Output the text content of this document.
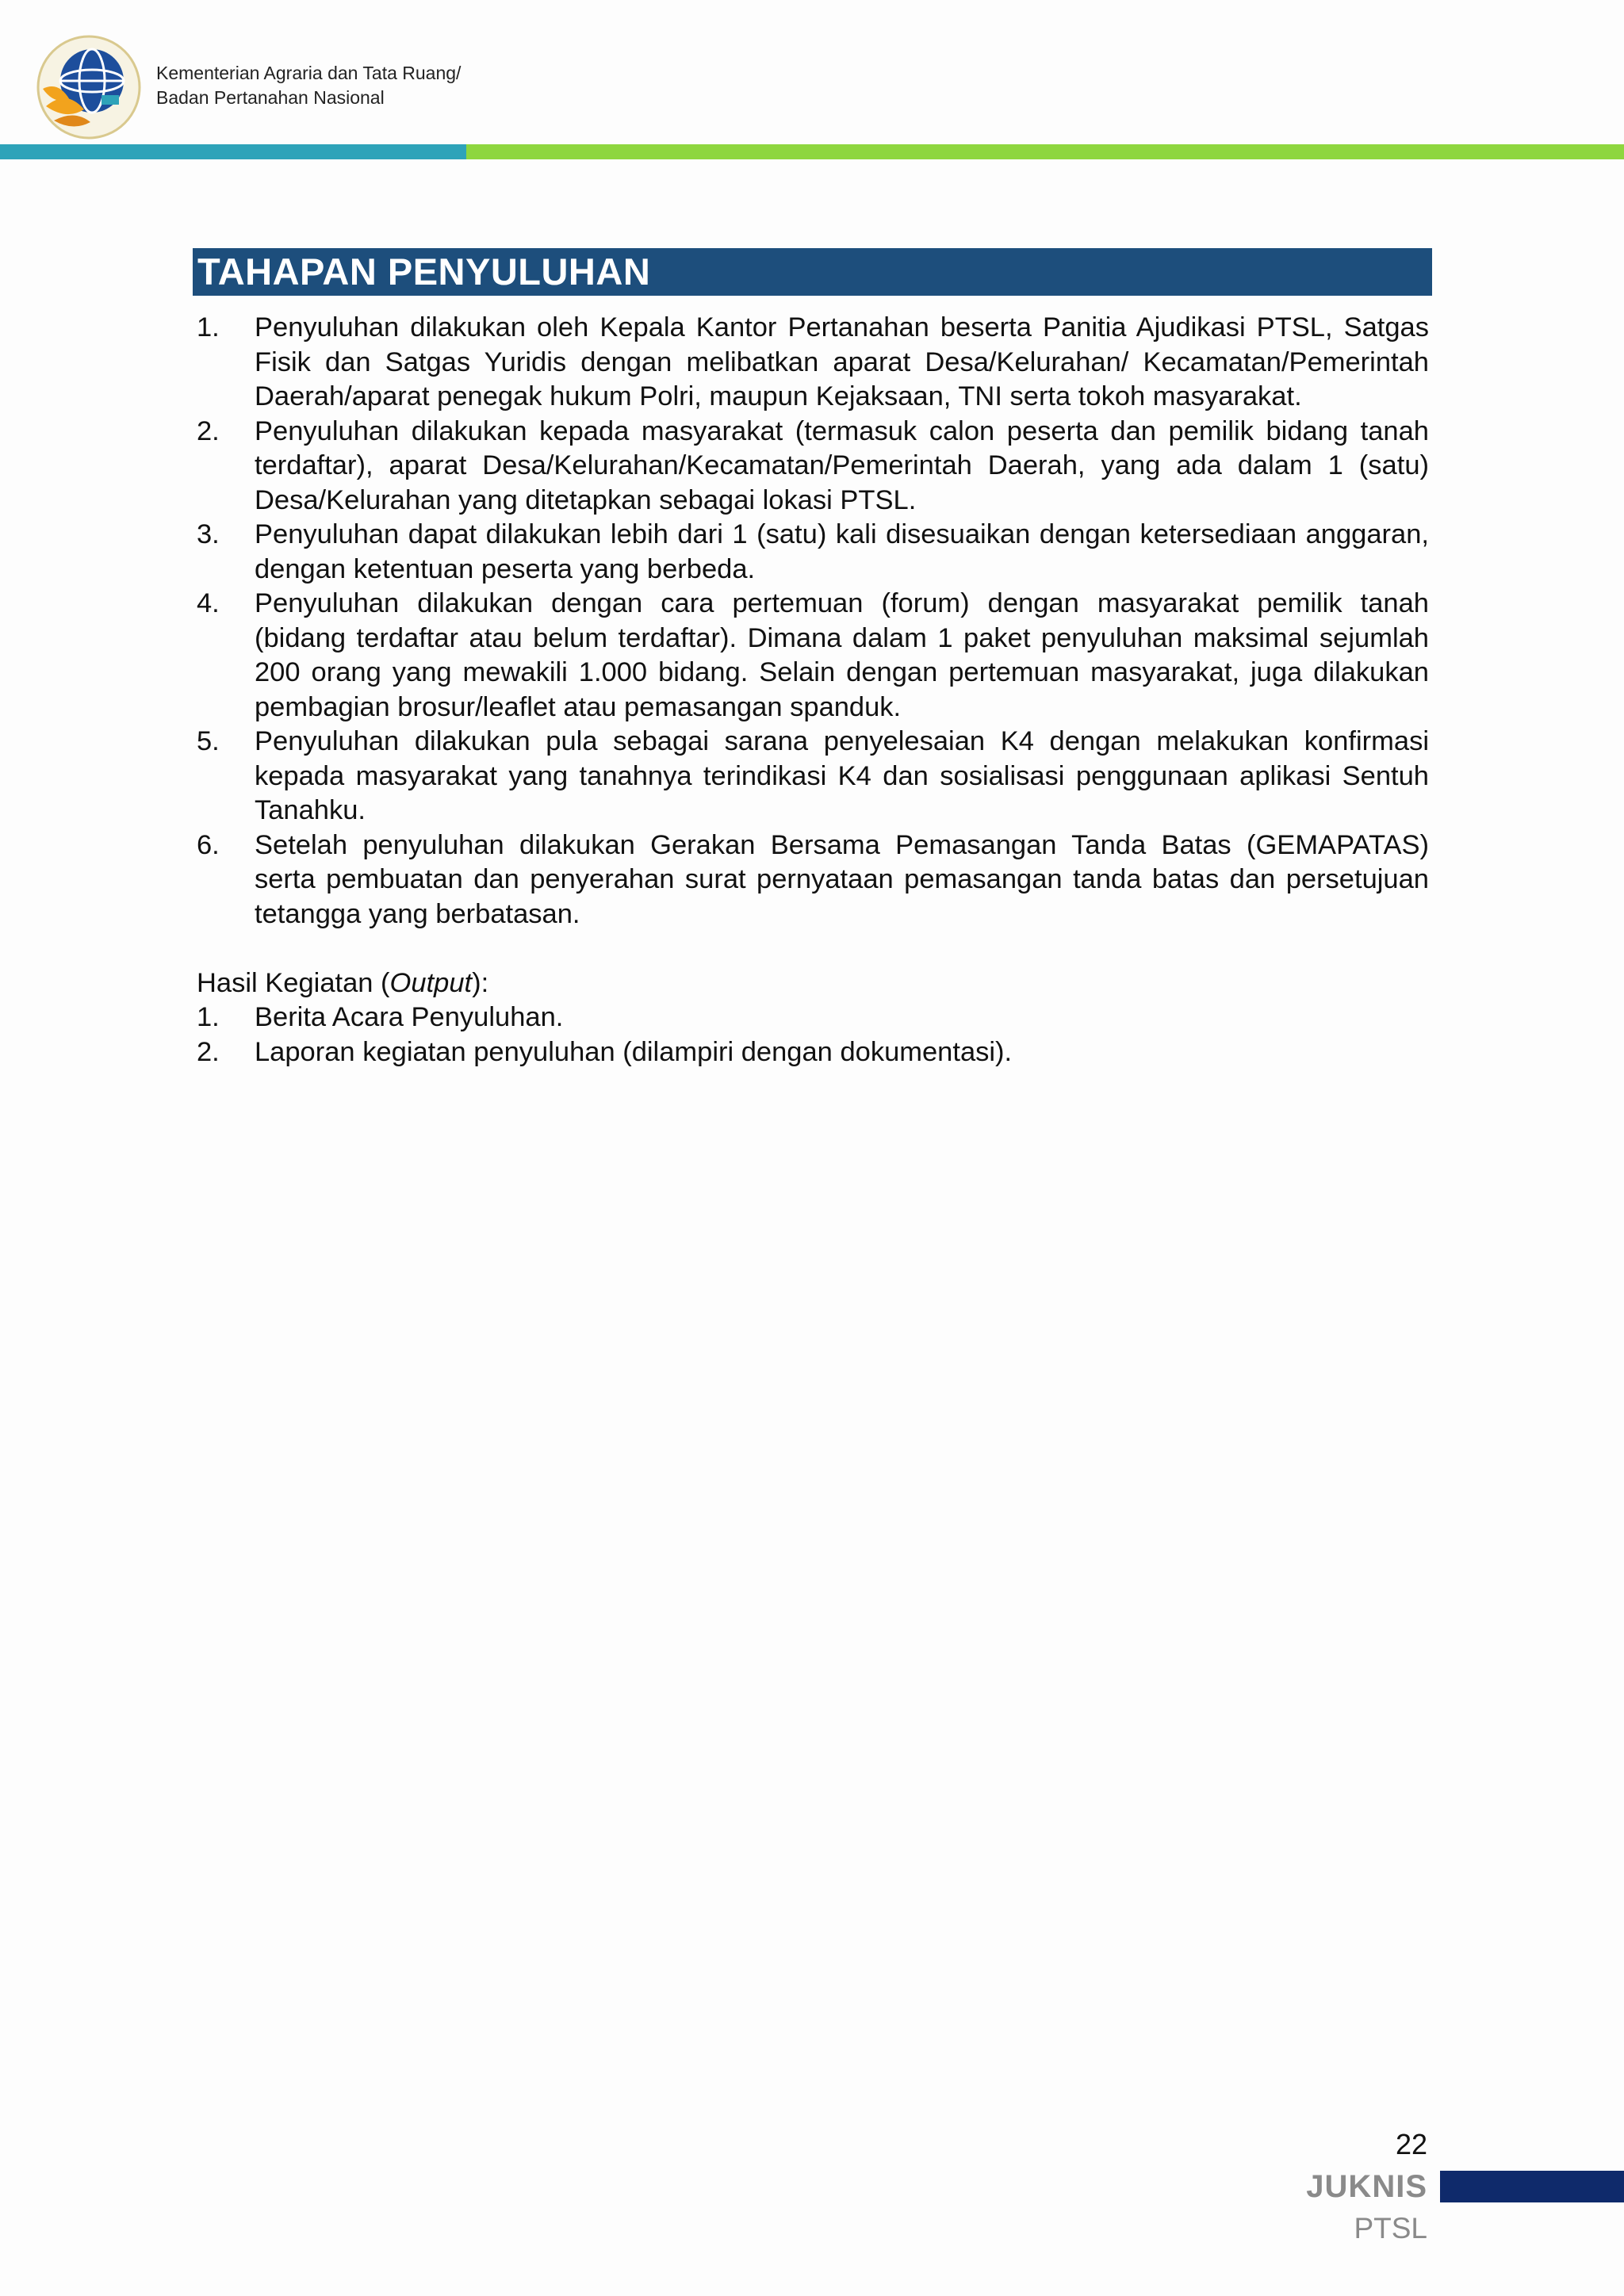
Kementerian Agraria dan Tata Ruang/
Badan Pertanahan Nasional
TAHAPAN PENYULUHAN
1.	Penyuluhan dilakukan oleh Kepala Kantor Pertanahan beserta Panitia Ajudikasi PTSL, Satgas Fisik dan Satgas Yuridis dengan melibatkan aparat Desa/Kelurahan/ Kecamatan/Pemerintah Daerah/aparat penegak hukum Polri, maupun Kejaksaan, TNI serta tokoh masyarakat.
2.	Penyuluhan dilakukan kepada masyarakat (termasuk calon peserta dan pemilik bidang tanah terdaftar), aparat Desa/Kelurahan/Kecamatan/Pemerintah Daerah, yang ada dalam 1 (satu) Desa/Kelurahan yang ditetapkan sebagai lokasi PTSL.
3.	Penyuluhan dapat dilakukan lebih dari 1 (satu) kali disesuaikan dengan ketersediaan anggaran, dengan ketentuan peserta yang berbeda.
4.	Penyuluhan dilakukan dengan cara pertemuan (forum) dengan masyarakat pemilik tanah (bidang terdaftar atau belum terdaftar). Dimana dalam 1 paket penyuluhan maksimal sejumlah 200 orang yang mewakili 1.000 bidang. Selain dengan pertemuan masyarakat, juga dilakukan pembagian brosur/leaflet atau pemasangan spanduk.
5.	Penyuluhan dilakukan pula sebagai sarana penyelesaian K4 dengan melakukan konfirmasi kepada masyarakat yang tanahnya terindikasi K4 dan sosialisasi penggunaan aplikasi Sentuh Tanahku.
6.	Setelah penyuluhan dilakukan Gerakan Bersama Pemasangan Tanda Batas (GEMAPATAS) serta pembuatan dan penyerahan surat pernyataan pemasangan tanda batas dan persetujuan tetangga yang berbatasan.
Hasil Kegiatan (Output):
1.	Berita Acara Penyuluhan.
2.	Laporan kegiatan penyuluhan (dilampiri dengan dokumentasi).
22
JUKNIS
PTSL
